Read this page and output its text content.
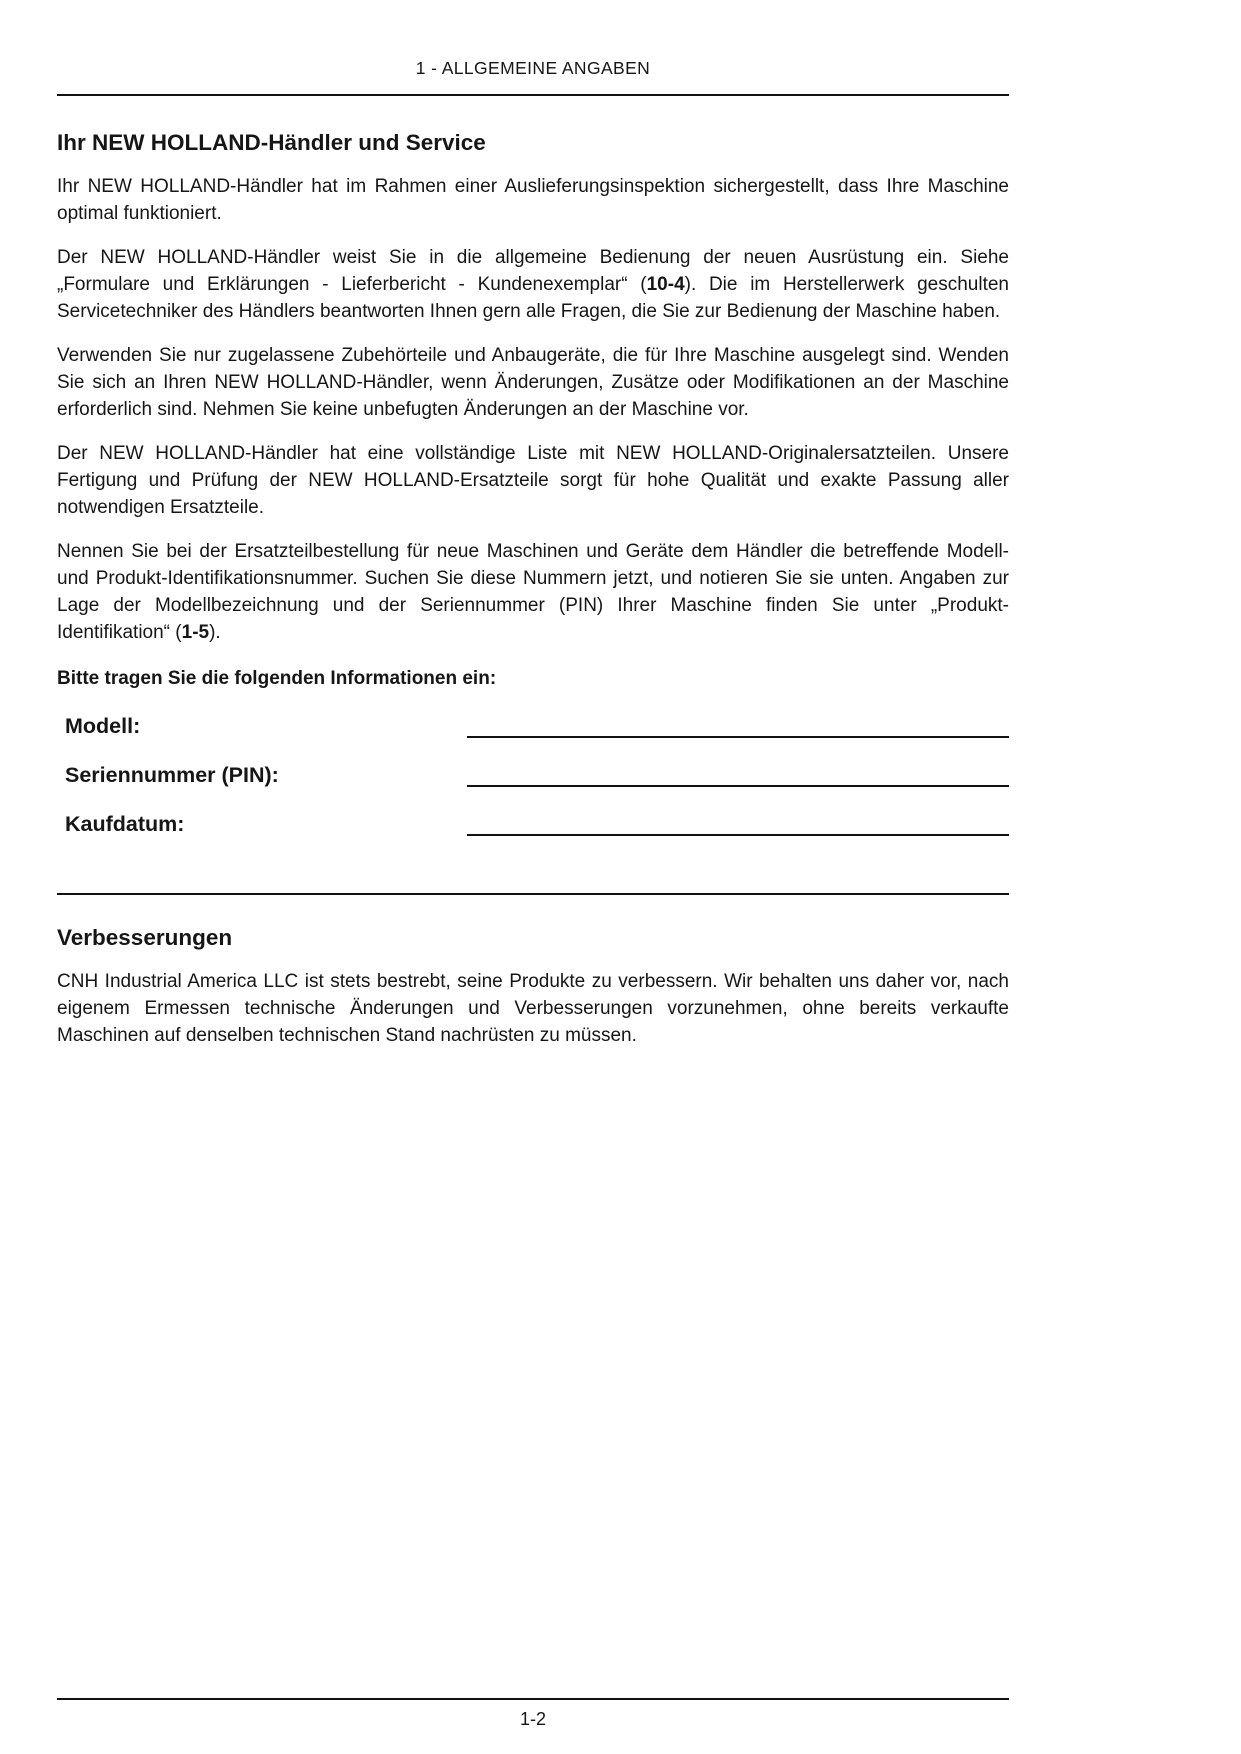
1 - ALLGEMEINE ANGABEN
Ihr NEW HOLLAND-Händler und Service

Ihr NEW HOLLAND-Händler hat im Rahmen einer Auslieferungsinspektion sichergestellt, dass Ihre Maschine optimal funktioniert.

Der NEW HOLLAND-Händler weist Sie in die allgemeine Bedienung der neuen Ausrüstung ein. Siehe „Formulare und Erklärungen - Lieferbericht - Kundenexemplar“ (10-4). Die im Herstellerwerk geschulten Servicetechniker des Händlers beantworten Ihnen gern alle Fragen, die Sie zur Bedienung der Maschine haben.

Verwenden Sie nur zugelassene Zubehörteile und Anbaugeräte, die für Ihre Maschine ausgelegt sind. Wenden Sie sich an Ihren NEW HOLLAND-Händler, wenn Änderungen, Zusätze oder Modifikationen an der Maschine erforderlich sind. Nehmen Sie keine unbefugten Änderungen an der Maschine vor.

Der NEW HOLLAND-Händler hat eine vollständige Liste mit NEW HOLLAND-Originalersatzteilen. Unsere Fertigung und Prüfung der NEW HOLLAND-Ersatzteile sorgt für hohe Qualität und exakte Passung aller notwendigen Ersatzteile.

Nennen Sie bei der Ersatzteilbestellung für neue Maschinen und Geräte dem Händler die betreffende Modell- und Produkt-Identifikationsnummer. Suchen Sie diese Nummern jetzt, und notieren Sie sie unten. Angaben zur Lage der Modellbezeichnung und der Seriennummer (PIN) Ihrer Maschine finden Sie unter „Produkt-Identifikation“ (1-5).

Bitte tragen Sie die folgenden Informationen ein:

Modell:
Seriennummer (PIN):
Kaufdatum:
Verbesserungen

CNH Industrial America LLC ist stets bestrebt, seine Produkte zu verbessern. Wir behalten uns daher vor, nach eigenem Ermessen technische Änderungen und Verbesserungen vorzunehmen, ohne bereits verkaufte Maschinen auf denselben technischen Stand nachrüsten zu müssen.

1-2
